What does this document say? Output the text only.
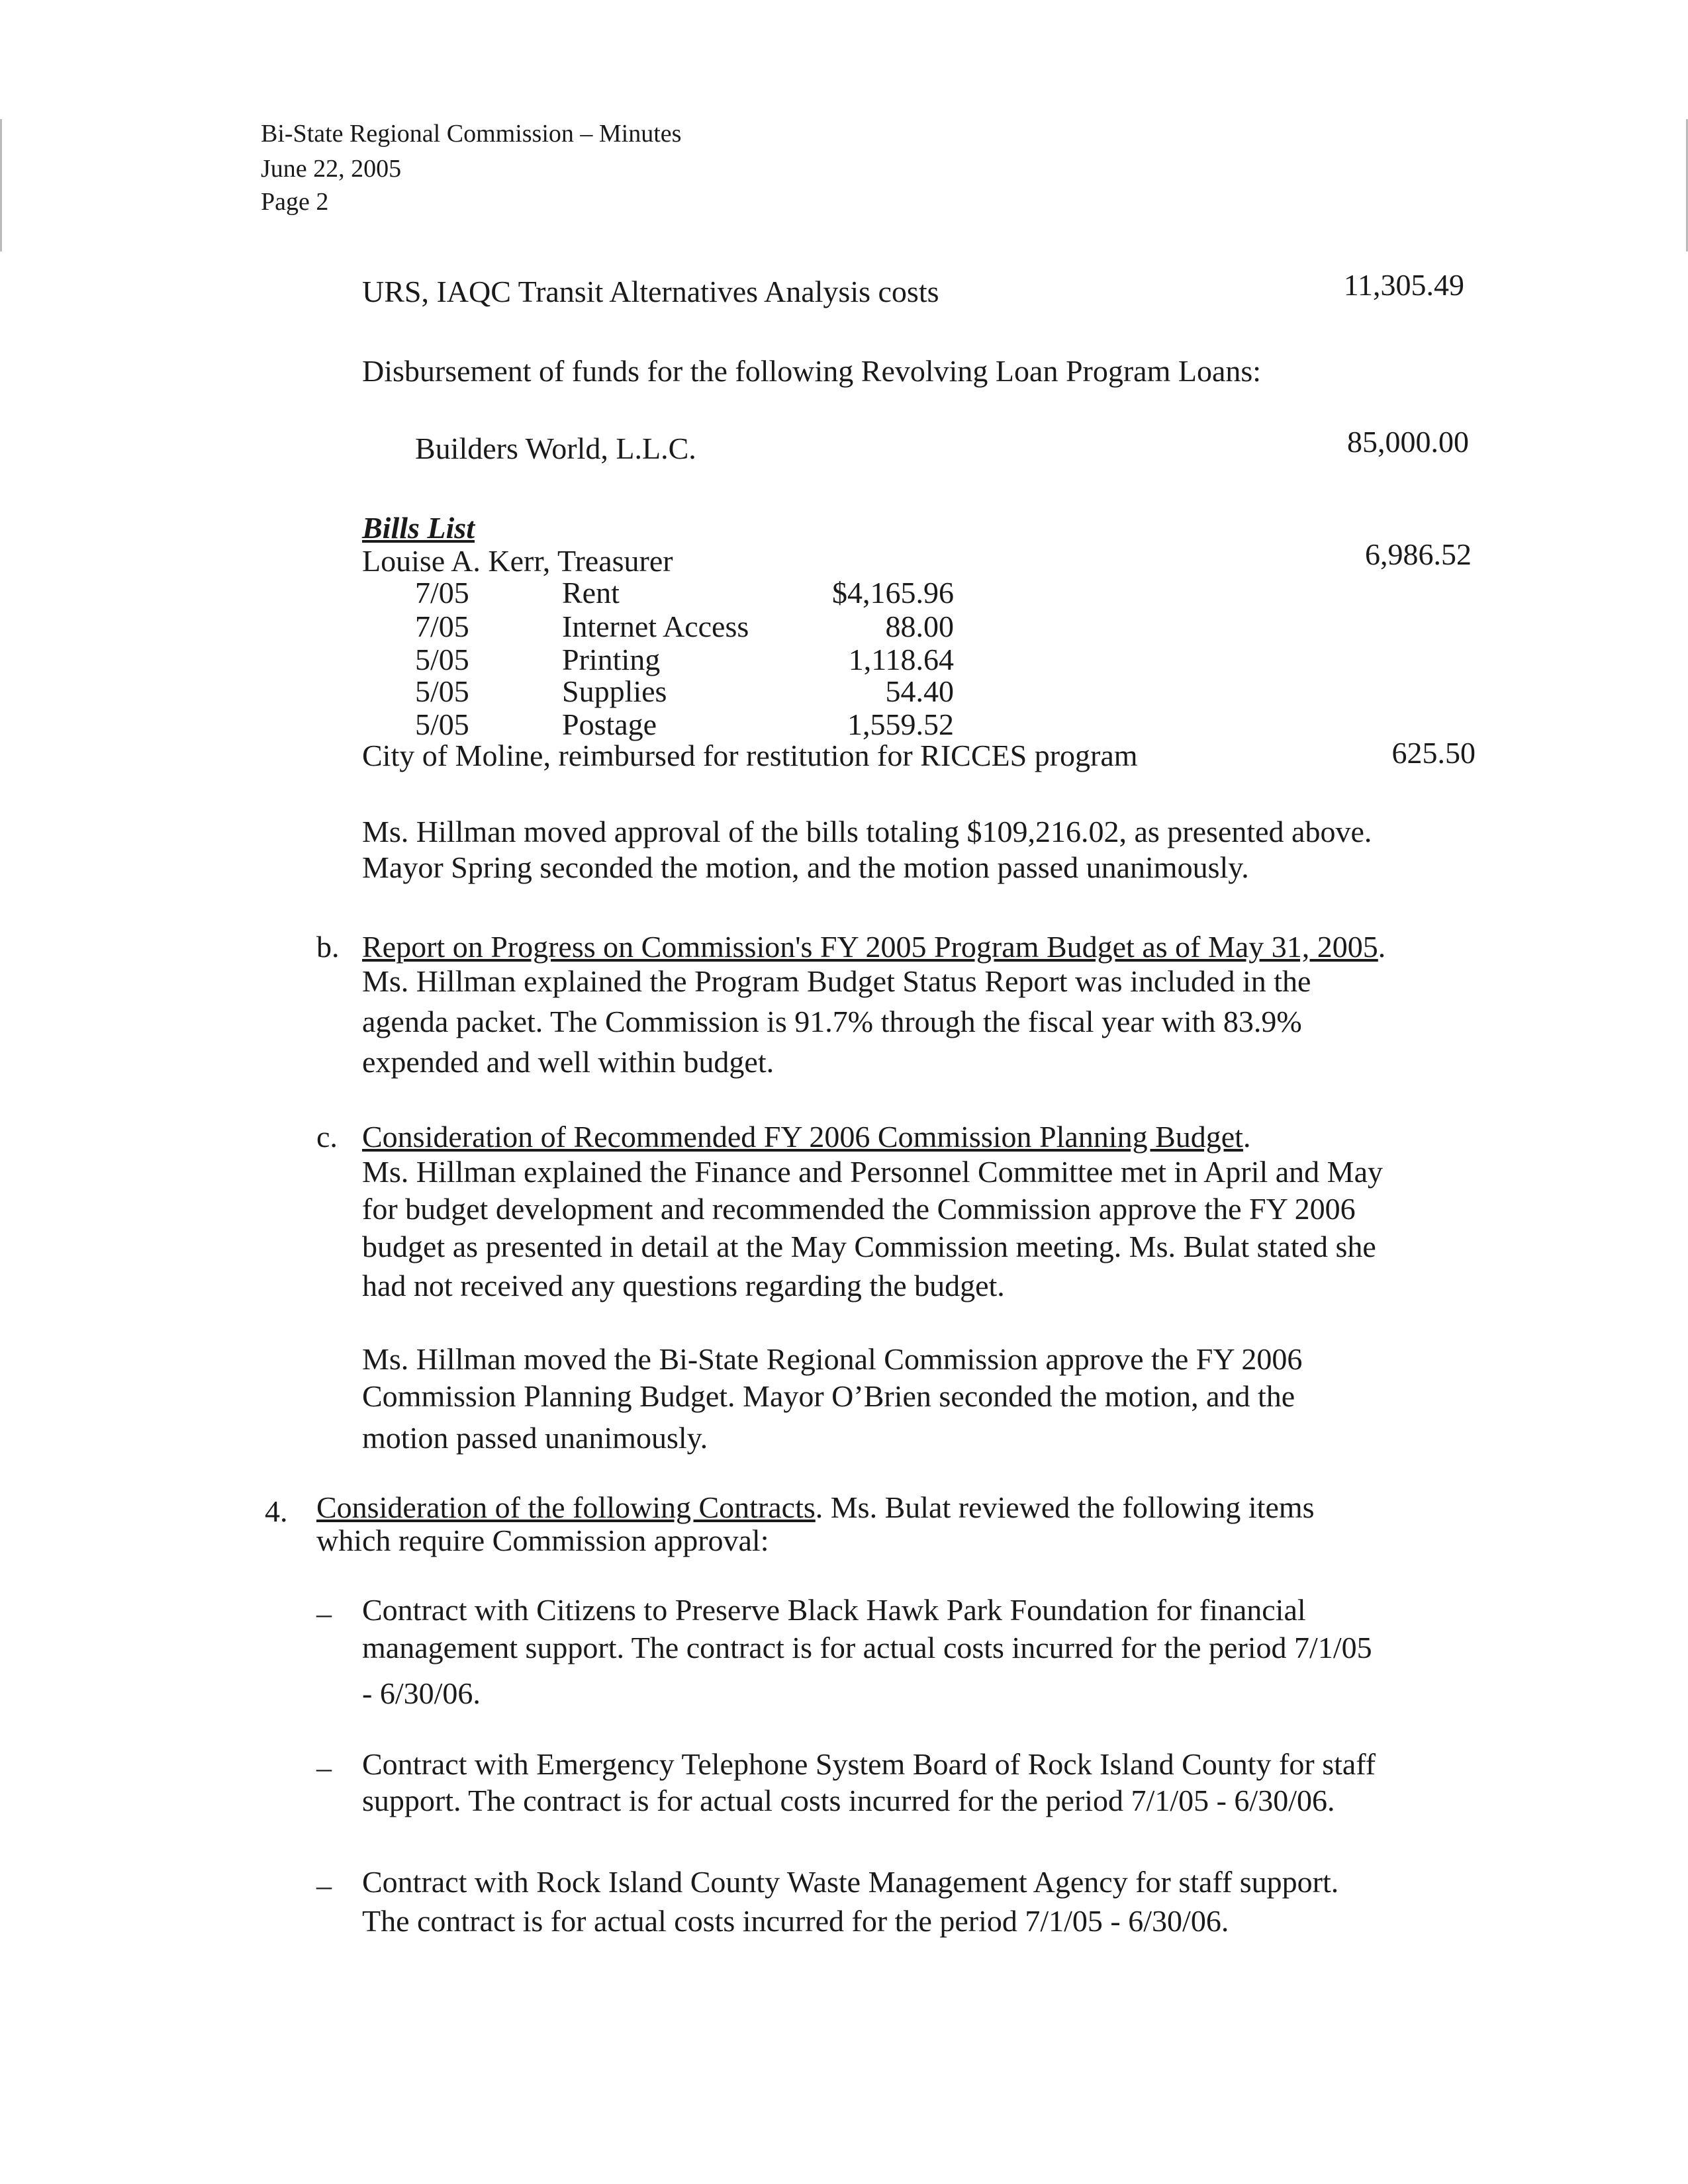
Bi-State Regional Commission – Minutes
June 22, 2005
Page 2
URS, IAQC Transit Alternatives Analysis costs	11,305.49
Disbursement of funds for the following Revolving Loan Program Loans:
Builders World, L.L.C.	85,000.00
Bills List
Louise A. Kerr, Treasurer	6,986.52
7/05	Rent	$4,165.96
7/05	Internet Access	88.00
5/05	Printing	1,118.64
5/05	Supplies	54.40
5/05	Postage	1,559.52
City of Moline, reimbursed for restitution for RICCES program	625.50
Ms. Hillman moved approval of the bills totaling $109,216.02, as presented above.
Mayor Spring seconded the motion, and the motion passed unanimously.
b. Report on Progress on Commission's FY 2005 Program Budget as of May 31, 2005.
Ms. Hillman explained the Program Budget Status Report was included in the
agenda packet. The Commission is 91.7% through the fiscal year with 83.9%
expended and well within budget.
c. Consideration of Recommended FY 2006 Commission Planning Budget.
Ms. Hillman explained the Finance and Personnel Committee met in April and May
for budget development and recommended the Commission approve the FY 2006
budget as presented in detail at the May Commission meeting. Ms. Bulat stated she
had not received any questions regarding the budget.
Ms. Hillman moved the Bi-State Regional Commission approve the FY 2006
Commission Planning Budget. Mayor O’Brien seconded the motion, and the
motion passed unanimously.
4. Consideration of the following Contracts. Ms. Bulat reviewed the following items
which require Commission approval:
– Contract with Citizens to Preserve Black Hawk Park Foundation for financial
management support. The contract is for actual costs incurred for the period 7/1/05
- 6/30/06.
– Contract with Emergency Telephone System Board of Rock Island County for staff
support. The contract is for actual costs incurred for the period 7/1/05 - 6/30/06.
– Contract with Rock Island County Waste Management Agency for staff support.
The contract is for actual costs incurred for the period 7/1/05 - 6/30/06.
